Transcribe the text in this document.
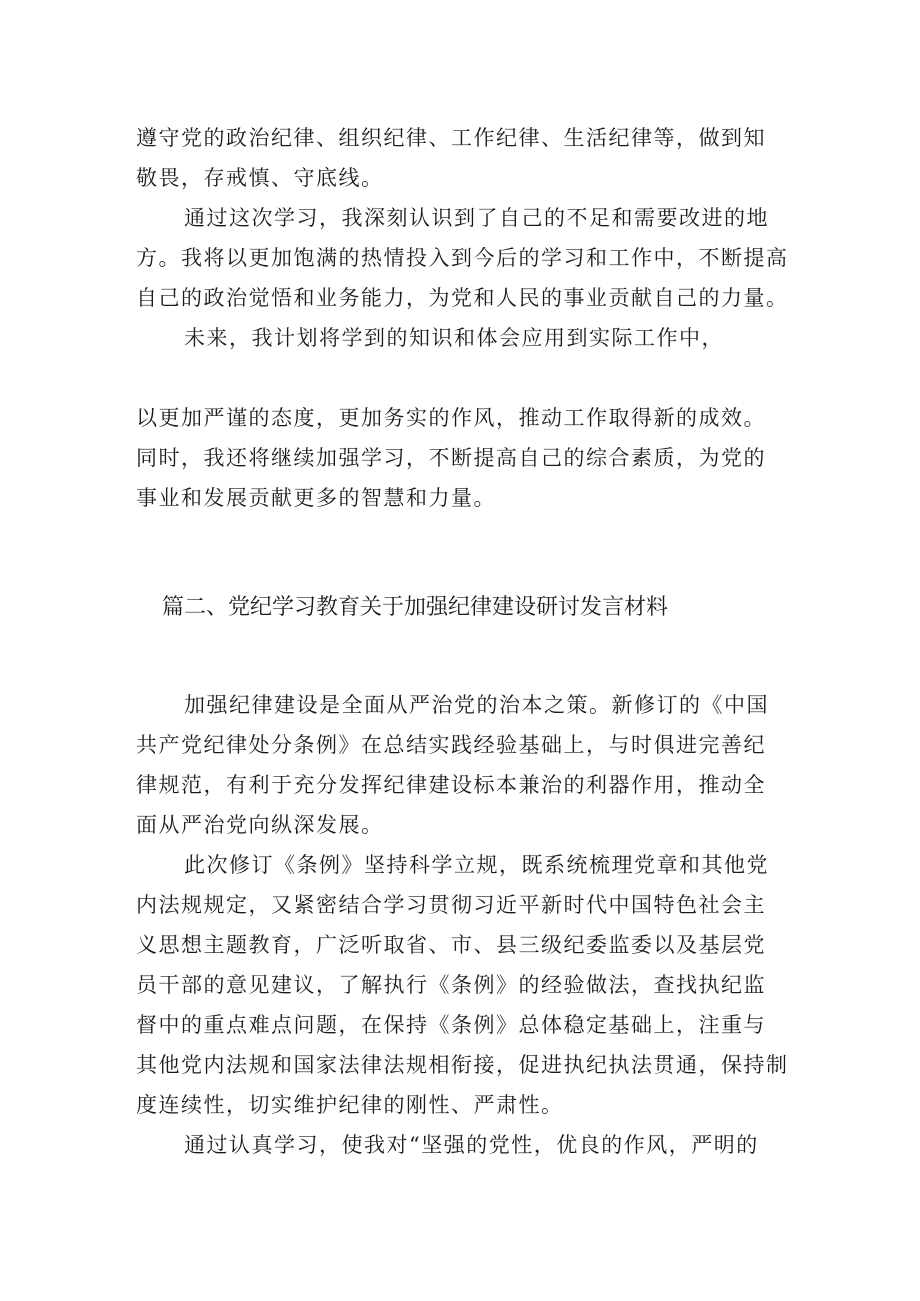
遵守党的政治纪律、组织纪律、工作纪律、生活纪律等，做到知
敬畏，存戒慎、守底线。
通过这次学习，我深刻认识到了自己的不足和需要改进的地
方。我将以更加饱满的热情投入到今后的学习和工作中，不断提高
自己的政治觉悟和业务能力，为党和人民的事业贡献自己的力量。
未来，我计划将学到的知识和体会应用到实际工作中，
以更加严谨的态度，更加务实的作风，推动工作取得新的成效。
同时，我还将继续加强学习，不断提高自己的综合素质，为党的
事业和发展贡献更多的智慧和力量。
篇二、党纪学习教育关于加强纪律建设研讨发言材料
加强纪律建设是全面从严治党的治本之策。新修订的《中国
共产党纪律处分条例》在总结实践经验基础上，与时俱进完善纪
律规范，有利于充分发挥纪律建设标本兼治的利器作用，推动全
面从严治党向纵深发展。
此次修订《条例》坚持科学立规，既系统梳理党章和其他党
内法规规定，又紧密结合学习贯彻习近平新时代中国特色社会主
义思想主题教育，广泛听取省、市、县三级纪委监委以及基层党
员干部的意见建议，了解执行《条例》的经验做法，查找执纪监
督中的重点难点问题，在保持《条例》总体稳定基础上，注重与
其他党内法规和国家法律法规相衔接，促进执纪执法贯通，保持制
度连续性，切实维护纪律的刚性、严肃性。
通过认真学习，使我对“坚强的党性，优良的作风，严明的
